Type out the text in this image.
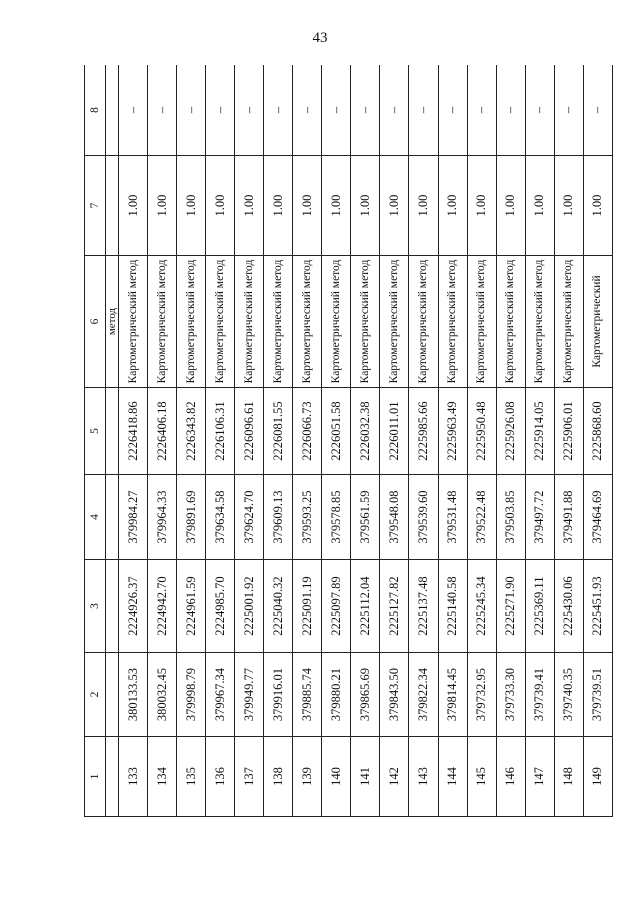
43
1	2	3	4	5	6	7	8
					метод		
133	380133.53	2224926.37	379984.27	2226418.86	Картометрический метод	1.00	–
134	380032.45	2224942.70	379964.33	2226406.18	Картометрический метод	1.00	–
135	379998.79	2224961.59	379891.69	2226343.82	Картометрический метод	1.00	–
136	379967.34	2224985.70	379634.58	2226106.31	Картометрический метод	1.00	–
137	379949.77	2225001.92	379624.70	2226096.61	Картометрический метод	1.00	–
138	379916.01	2225040.32	379609.13	2226081.55	Картометрический метод	1.00	–
139	379885.74	2225091.19	379593.25	2226066.73	Картометрический метод	1.00	–
140	379880.21	2225097.89	379578.85	2226051.58	Картометрический метод	1.00	–
141	379865.69	2225112.04	379561.59	2226032.38	Картометрический метод	1.00	–
142	379843.50	2225127.82	379548.08	2226011.01	Картометрический метод	1.00	–
143	379822.34	2225137.48	379539.60	2225985.66	Картометрический метод	1.00	–
144	379814.45	2225140.58	379531.48	2225963.49	Картометрический метод	1.00	–
145	379732.95	2225245.34	379522.48	2225950.48	Картометрический метод	1.00	–
146	379733.30	2225271.90	379503.85	2225926.08	Картометрический метод	1.00	–
147	379739.41	2225369.11	379497.72	2225914.05	Картометрический метод	1.00	–
148	379740.35	2225430.06	379491.88	2225906.01	Картометрический метод	1.00	–
149	379739.51	2225451.93	379464.69	2225868.60	Картометрический	1.00	–
